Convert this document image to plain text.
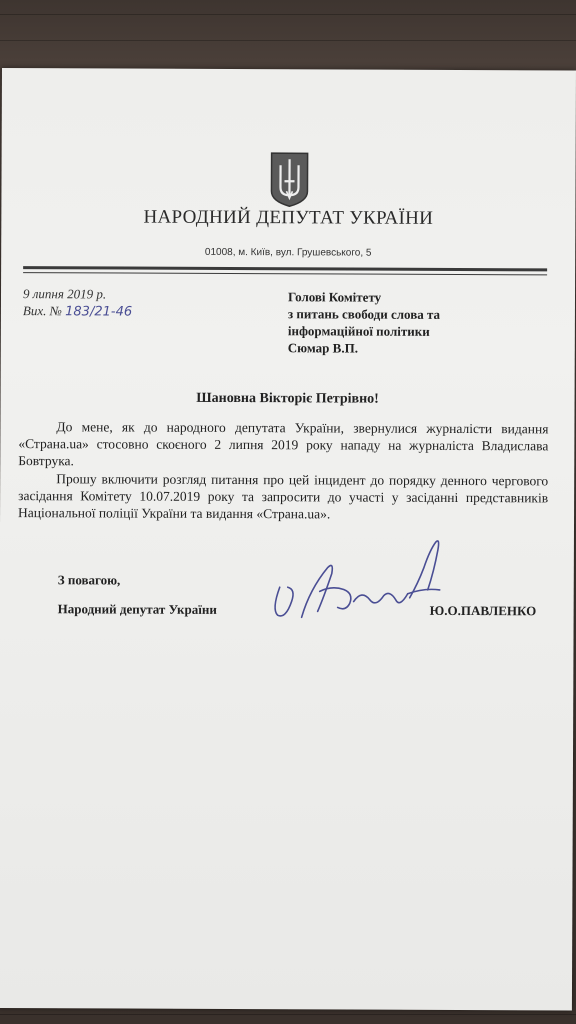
НАРОДНИЙ ДЕПУТАТ УКРАЇНИ
01008, м. Київ, вул. Грушевського, 5
9 липня 2019 р.
Вих. № 183/21-46
Голові Комітету
з питань свободи слова та
інформаційної політики
Сюмар В.П.
Шановна Вікторіє Петрівно!

До мене, як до народного депутата України, звернулися журналісти видання «Страна.ua» стосовно скоєного 2 липня 2019 року нападу на журналіста Владислава Бовтрука.

Прошу включити розгляд питання про цей інцидент до порядку денного чергового засідання Комітету 10.07.2019 року та запросити до участі у засіданні представників Національної поліції України та видання «Страна.ua».

З повагою,
Народний депутат України	Ю.О.ПАВЛЕНКО
